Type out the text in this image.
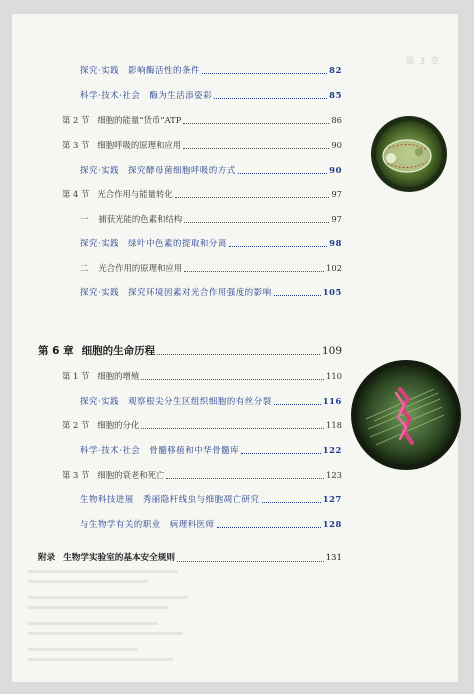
第 3 章
探究·实践　影响酶活性的条件	82
科学·技术·社会　酶为生活添姿彩	85
第 2 节 细胞的能量“货币”ATP	86
第 3 节 细胞呼吸的原理和应用	90
探究·实践　探究酵母菌细胞呼吸的方式	90
第 4 节 光合作用与能量转化	97
一 捕获光能的色素和结构	97
探究·实践　绿叶中色素的提取和分离	98
二 光合作用的原理和应用	102
探究·实践　探究环境因素对光合作用强度的影响	105
第 6 章 细胞的生命历程	109
第 1 节 细胞的增殖	110
探究·实践　观察根尖分生区组织细胞的有丝分裂	116
第 2 节 细胞的分化	118
科学·技术·社会　骨髓移植和中华骨髓库	122
第 3 节 细胞的衰老和死亡	123
生物科技进展　秀丽隐杆线虫与细胞凋亡研究	127
与生物学有关的职业　病理科医师	128
附录 生物学实验室的基本安全规则	131
